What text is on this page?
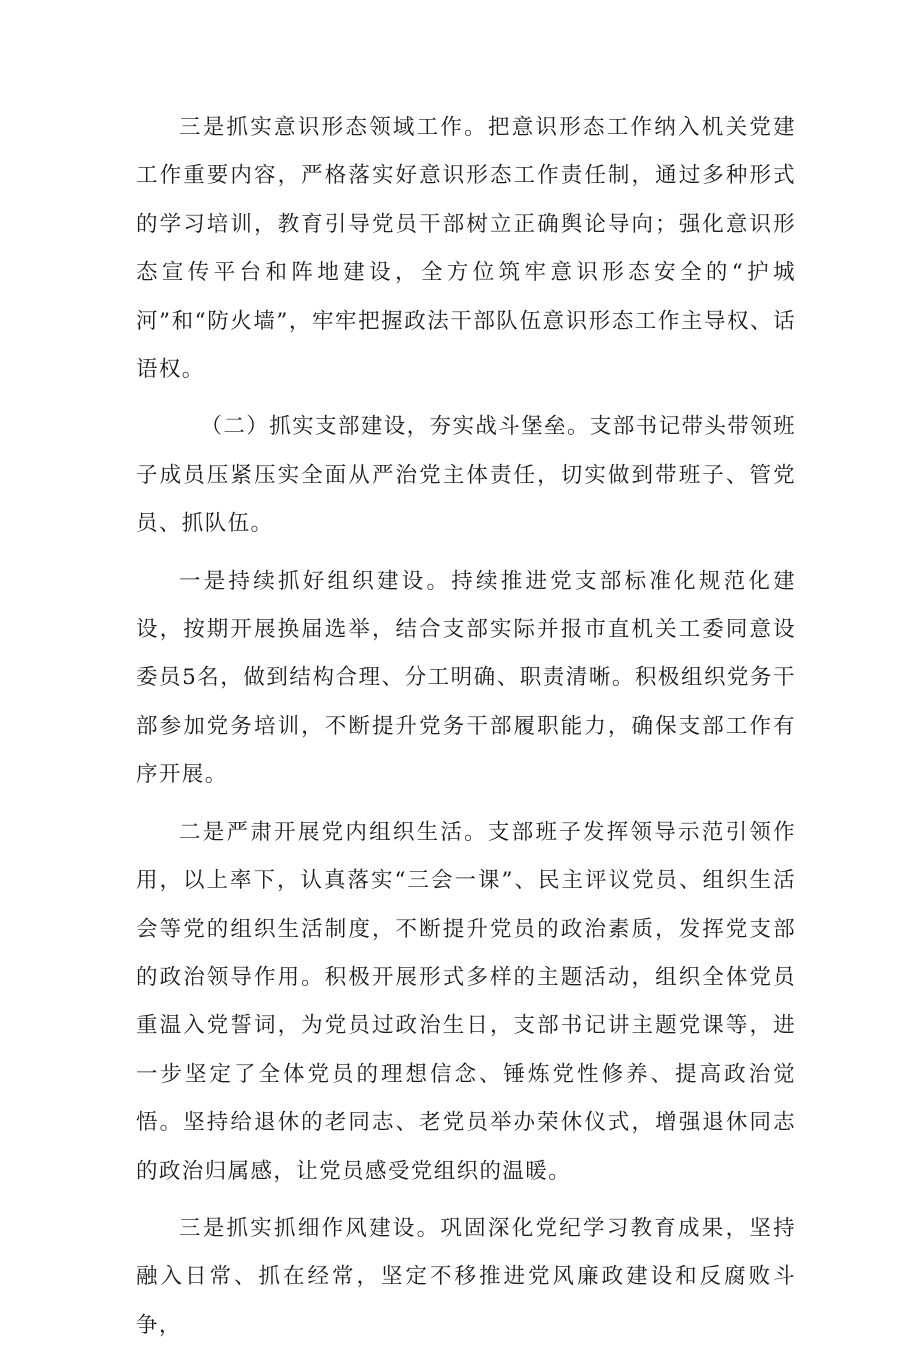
三是抓实意识形态领域工作。把意识形态工作纳入机关党建工作重要内容，严格落实好意识形态工作责任制，通过多种形式的学习培训，教育引导党员干部树立正确舆论导向；强化意识形态宣传平台和阵地建设，全方位筑牢意识形态安全的“护城河”和“防火墙”，牢牢把握政法干部队伍意识形态工作主导权、话语权。

（二）抓实支部建设，夯实战斗堡垒。支部书记带头带领班子成员压紧压实全面从严治党主体责任，切实做到带班子、管党员、抓队伍。

一是持续抓好组织建设。持续推进党支部标准化规范化建设，按期开展换届选举，结合支部实际并报市直机关工委同意设委员5名，做到结构合理、分工明确、职责清晰。积极组织党务干部参加党务培训，不断提升党务干部履职能力，确保支部工作有序开展。

二是严肃开展党内组织生活。支部班子发挥领导示范引领作用，以上率下，认真落实“三会一课”、民主评议党员、组织生活会等党的组织生活制度，不断提升党员的政治素质，发挥党支部的政治领导作用。积极开展形式多样的主题活动，组织全体党员重温入党誓词，为党员过政治生日，支部书记讲主题党课等，进一步坚定了全体党员的理想信念、锤炼党性修养、提高政治觉悟。坚持给退休的老同志、老党员举办荣休仪式，增强退休同志的政治归属感，让党员感受党组织的温暖。

三是抓实抓细作风建设。巩固深化党纪学习教育成果，坚持融入日常、抓在经常，坚定不移推进党风廉政建设和反腐败斗争，
